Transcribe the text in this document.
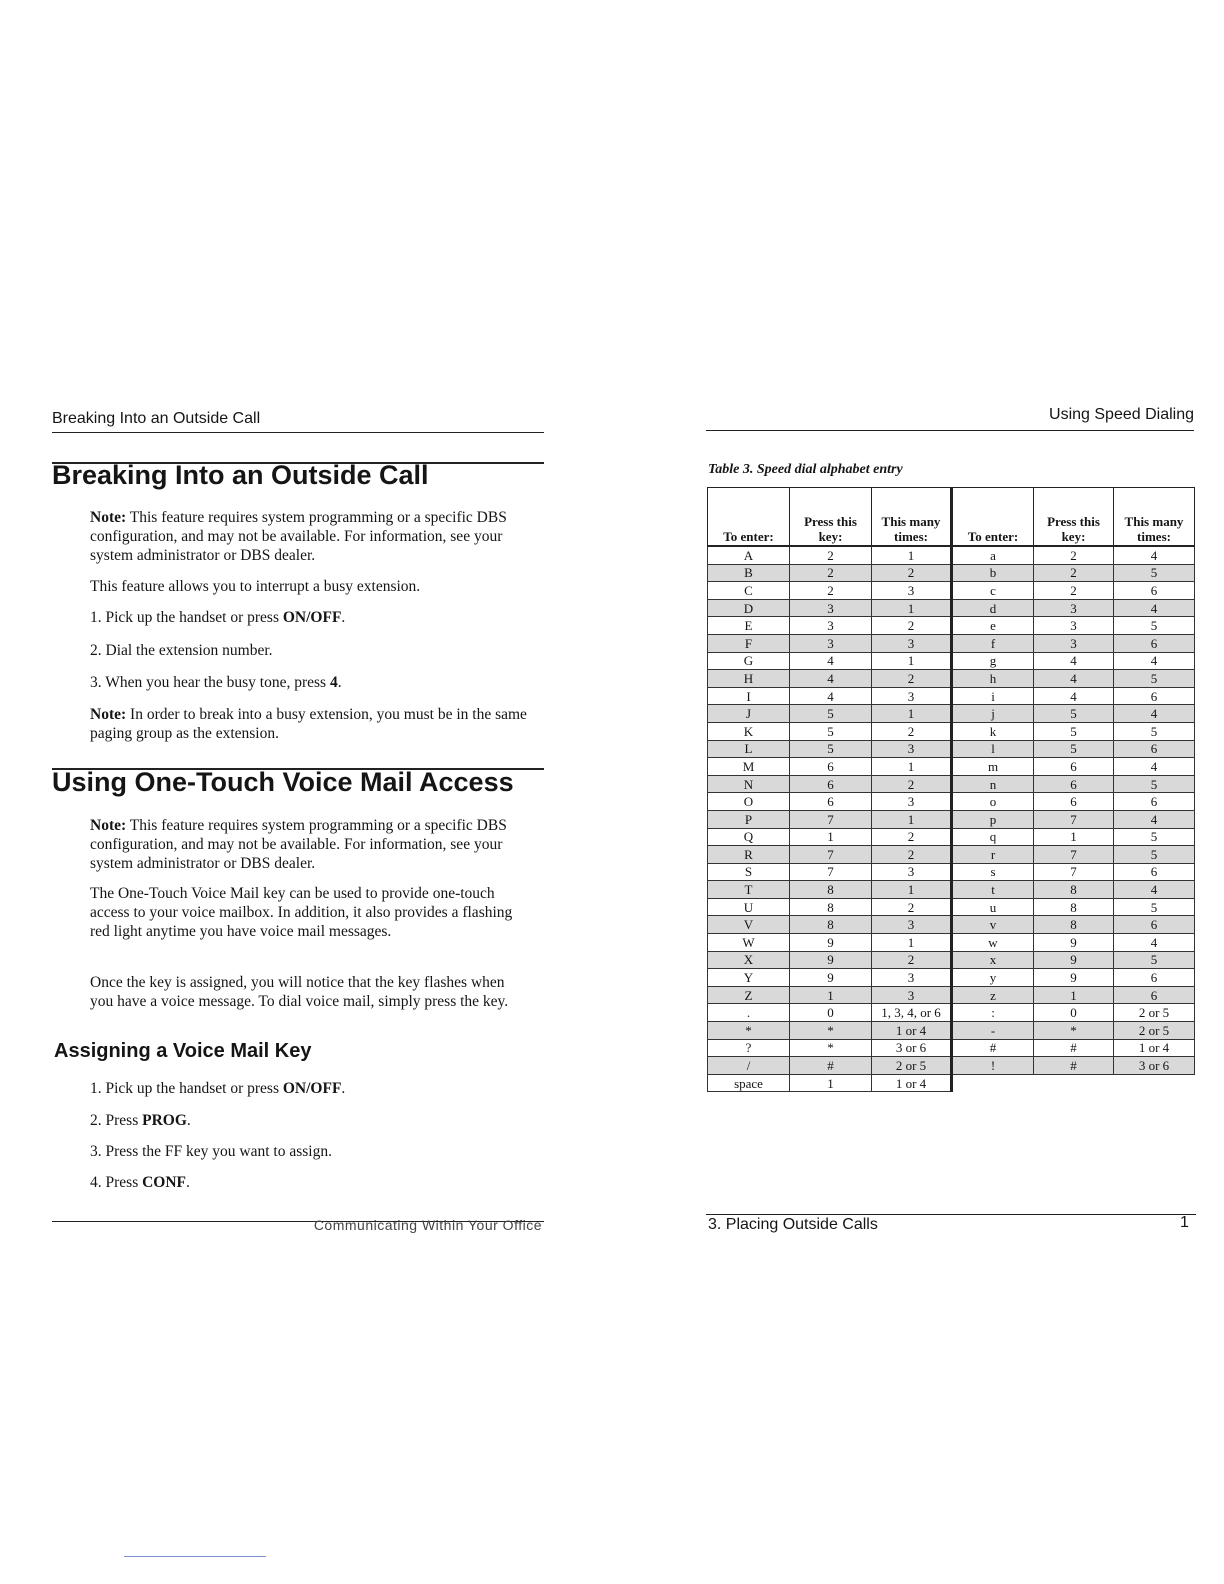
Breaking Into an Outside Call
Breaking Into an Outside Call
Note: This feature requires system programming or a specific DBS configuration, and may not be available. For information, see your system administrator or DBS dealer.
This feature allows you to interrupt a busy extension.
1. Pick up the handset or press ON/OFF.
2. Dial the extension number.
3. When you hear the busy tone, press 4.
Note: In order to break into a busy extension, you must be in the same paging group as the extension.
Using One-Touch Voice Mail Access
Note: This feature requires system programming or a specific DBS configuration, and may not be available. For information, see your system administrator or DBS dealer.
The One-Touch Voice Mail key can be used to provide one-touch access to your voice mailbox. In addition, it also provides a flashing red light anytime you have voice mail messages.
Once the key is assigned, you will notice that the key flashes when you have a voice message. To dial voice mail, simply press the key.
Assigning a Voice Mail Key
1. Pick up the handset or press ON/OFF.
2. Press PROG.
3. Press the FF key you want to assign.
4. Press CONF.
Communicating Within Your Office
Using Speed Dialing
Table 3. Speed dial alphabet entry
To enter:	Press this key:	This many times:	To enter:	Press this key:	This many times:
A	2	1	a	2	4
B	2	2	b	2	5
C	2	3	c	2	6
D	3	1	d	3	4
E	3	2	e	3	5
F	3	3	f	3	6
G	4	1	g	4	4
H	4	2	h	4	5
I	4	3	i	4	6
J	5	1	j	5	4
K	5	2	k	5	5
L	5	3	l	5	6
M	6	1	m	6	4
N	6	2	n	6	5
O	6	3	o	6	6
P	7	1	p	7	4
Q	1	2	q	1	5
R	7	2	r	7	5
S	7	3	s	7	6
T	8	1	t	8	4
U	8	2	u	8	5
V	8	3	v	8	6
W	9	1	w	9	4
X	9	2	x	9	5
Y	9	3	y	9	6
Z	1	3	z	1	6
.	0	1, 3, 4, or 6	:	0	2 or 5
*	*	1 or 4	-	*	2 or 5
?	*	3 or 6	#	#	1 or 4
/	#	2 or 5	!	#	3 or 6
space	1	1 or 4			
3. Placing Outside Calls	1
